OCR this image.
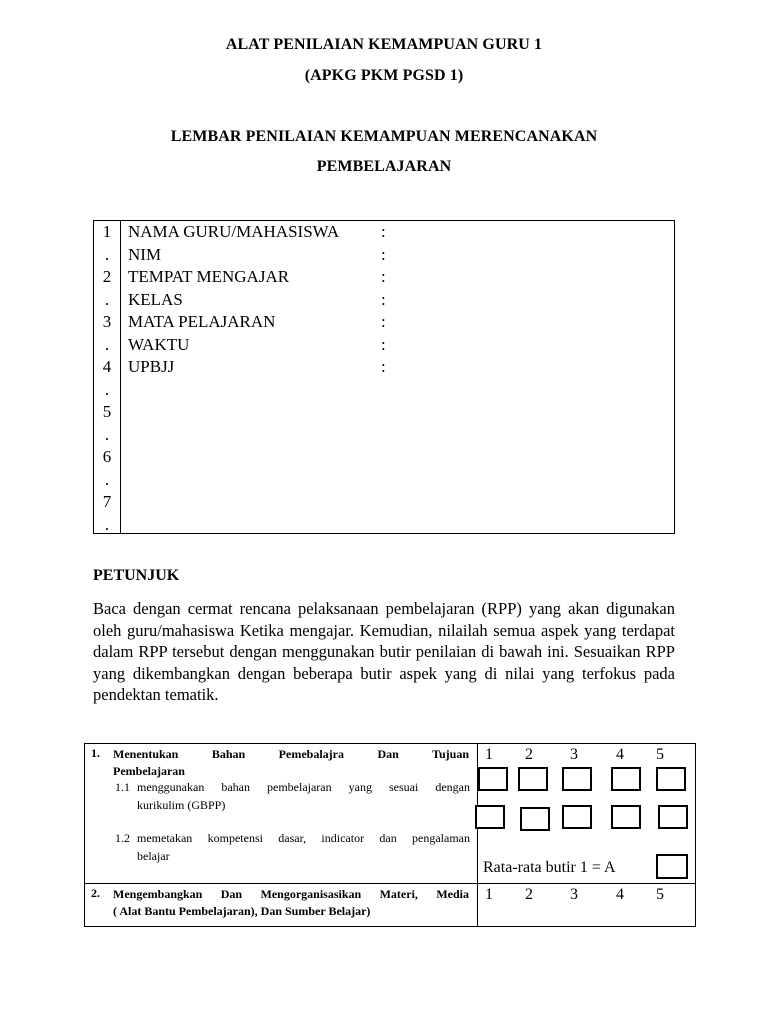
ALAT PENILAIAN KEMAMPUAN GURU 1
(APKG PKM PGSD 1)
LEMBAR PENILAIAN KEMAMPUAN MERENCANAKAN
PEMBELAJARAN
1
.
2
.
3
.
4
.
5
.
6
.
7
.
NAMA GURU/MAHASISWA
NIM
TEMPAT MENGAJAR
KELAS
MATA PELAJARAN
WAKTU
UPBJJ
:
:
:
:
:
:
:
PETUNJUK
Baca dengan cermat rencana pelaksanaan pembelajaran (RPP) yang akan digunakan oleh guru/mahasiswa Ketika mengajar. Kemudian, nilailah semua aspek yang terdapat dalam RPP tersebut dengan menggunakan butir penilaian di bawah ini. Sesuaikan RPP yang dikembangkan dengan beberapa butir aspek yang di nilai yang terfokus pada pendektan tematik.
1. Menentukan Bahan Pemebalajra Dan Tujuan
Pembelajaran
1.1 menggunakan bahan pembelajaran yang sesuai dengan
kurikulim (GBPP)
1.2 memetakan kompetensi dasar, indicator dan pengalaman
belajar
1 2 3 4 5
Rata-rata butir 1 = A
2. Mengembangkan Dan Mengorganisasikan Materi, Media
( Alat Bantu Pembelajaran), Dan Sumber Belajar)
1 2 3 4 5
